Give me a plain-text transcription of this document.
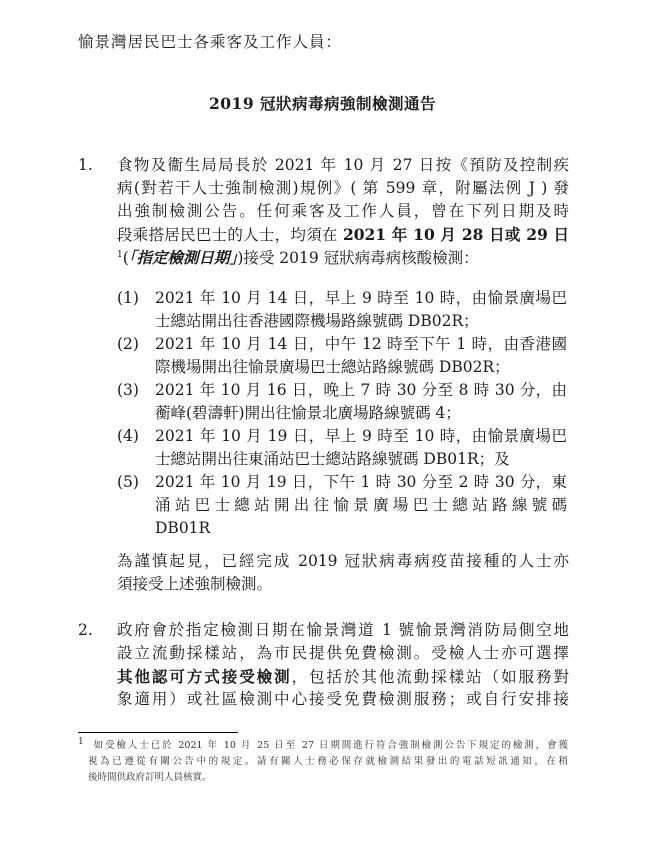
愉景灣居民巴士各乘客及工作人員：
2019 冠狀病毒病強制檢測通告
1. 食物及衞生局局長於 2021 年 10 月 27 日按《預防及控制疾
病(對若干人士強制檢測)規例》( 第 599 章，附屬法例 J ) 發
出強制檢測公告。任何乘客及工作人員，曾在下列日期及時
段乘搭居民巴士的人士，均須在 2021 年 10 月 28 日或 29 日
$^1$(「指定檢測日期」)接受 2019 冠狀病毒病核酸檢測：
(1) 2021 年 10 月 14 日，早上 9 時至 10 時，由愉景廣場巴
士總站開出往香港國際機場路線號碼 DB02R；
(2) 2021 年 10 月 14 日，中午 12 時至下午 1 時，由香港國
際機場開出往愉景廣場巴士總站路線號碼 DB02R；
(3) 2021 年 10 月 16 日，晚上 7 時 30 分至 8 時 30 分，由
蘅峰(碧濤軒)開出往愉景北廣場路線號碼 4；
(4) 2021 年 10 月 19 日，早上 9 時至 10 時，由愉景廣場巴
士總站開出往東涌站巴士總站路線號碼 DB01R；及
(5) 2021 年 10 月 19 日，下午 1 時 30 分至 2 時 30 分，東
涌站巴士總站開出往愉景廣場巴士總站路線號碼
DB01R
為謹慎起見，已經完成 2019 冠狀病毒病疫苗接種的人士亦
須接受上述強制檢測。
2. 政府會於指定檢測日期在愉景灣道 1 號愉景灣消防局側空地
設立流動採樣站，為市民提供免費檢測。受檢人士亦可選擇
其他認可方式接受檢測，包括於其他流動採樣站（如服務對
象適用）或社區檢測中心接受免費檢測服務；或自行安排接
$^1$ 如受檢人士已於 2021 年 10 月 25 日至 27 日期間進行符合強制檢測公告下規定的檢測，會獲
視為已遵從有關公告中的規定。請有關人士務必保存就檢測結果發出的電話短訊通知，在稍
後時間供政府訂明人員核實。
